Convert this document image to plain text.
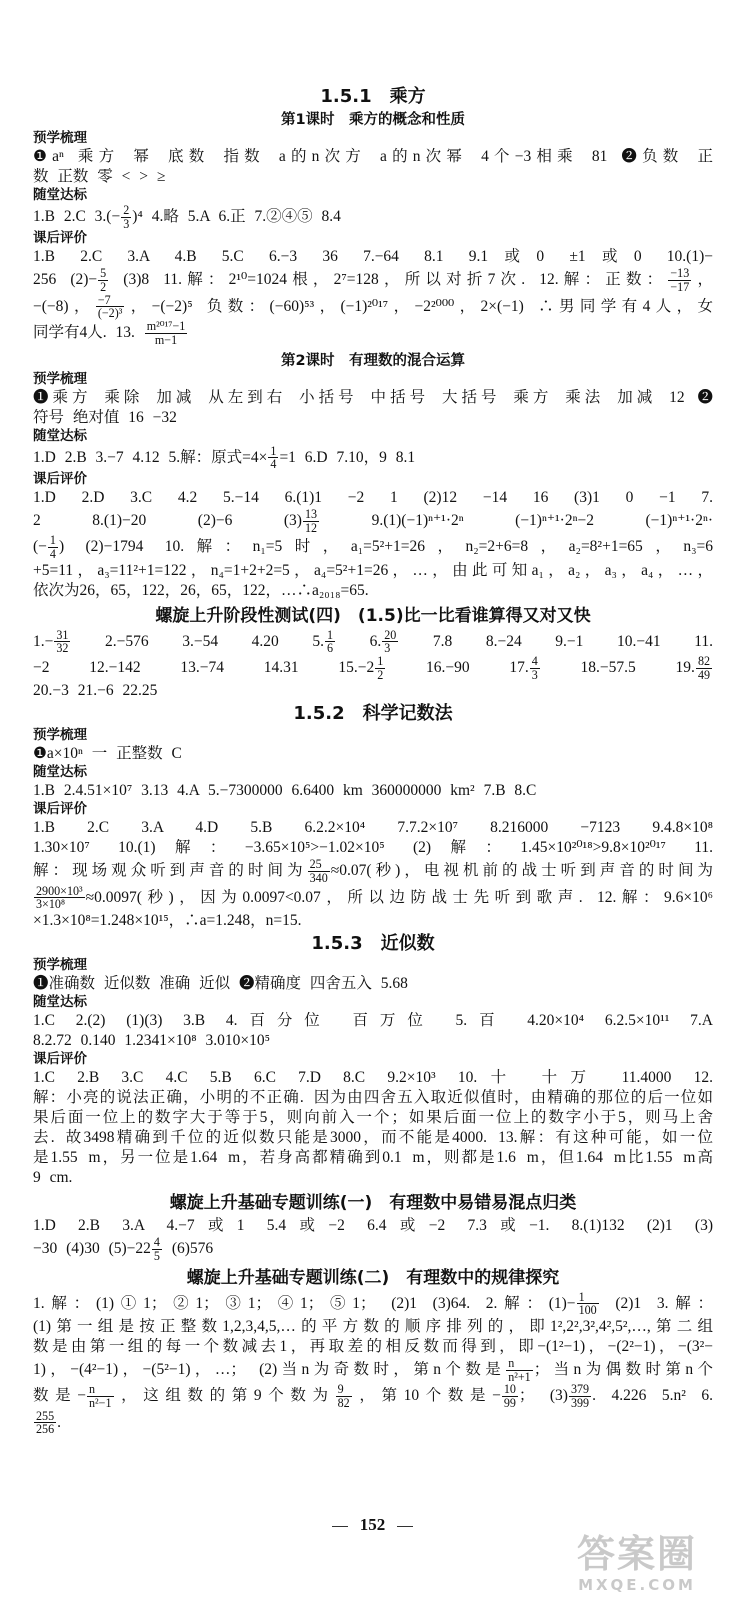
1.5.1　乘方
第1课时　乘方的概念和性质
预学梳理
❶aⁿ 乘方 幂 底数 指数 a的n次方 a的n次幂 4个−3相乘 81 ❷负数 正
数 正数 零 < > ≥
随堂达标
1.B 2.C $3.(- \frac{2}{3} )^4$ 4.略 5.A 6.正 7.②④⑤ 8.4
课后评价
1.B 2.C 3.A 4.B 5.C 6.−3 36 7.−64 8.1 9.1或0 ±1或0 10.(1)−
256 $(2)- \frac{5}{2} (3)8$ 11.解：2¹⁰=1024根，2⁷=128，所以对折7次. 12.解：正数： $\frac{-13}{-17}$ ，
−(−8)， $\frac{-7}{\text{(−2)³}}$ ，−(−2)⁵ 负数：(−60)⁵³，(−1)²⁰¹⁷，−2²⁰⁰⁰，2×(−1) ∴男同学有4人，女
同学有4人. 13. $\frac{\text{m²⁰¹⁷−1}}{m-1}$
第2课时　有理数的混合运算
预学梳理
❶乘方 乘除 加减 从左到右 小括号 中括号 大括号 乘方 乘法 加减 12 ❷
符号 绝对值 16 −32
随堂达标
1.D 2.B 3.−7 4.12 5.解：原式$=4\times \frac{1}{4} =1$ 6.D 7.10，9 8.1
课后评价
1.D 2.D 3.C 4.2 5.−14 6.(1)1 −2 1 (2)12 −14 16 (3)1 0 −1 7.
2 8.(1)−20 (2)−6 $(3) \frac{13}{12} 9.(1)(-1)^{n+1}\cdot 2^n$ (−1)ⁿ⁺¹·2ⁿ−2 (−1)ⁿ⁺¹·2ⁿ·
(− $\frac{1}{4}$ ) (2)−1794 10.解：n₁=5时，a₁=5²+1=26，n₂=2+6=8，a₂=8²+1=65，n₃=6
+5=11，a₃=11²+1=122，n₄=1+2+2=5，a₄=5²+1=26，…，由此可知a₁，a₂，a₃，a₄，…，
依次为26，65，122，26，65，122，…∴a₂₀₁₈=65.
螺旋上升阶段性测试(四)　(1.5)比一比看谁算得又对又快
$1.- \frac{31}{32} 2.-576$ 3.−54 4.20 5. $\frac{1}{6} 6$. $\frac{20}{3} 7.8$ 8.−24 9.−1 10.−41 11.
−2 12.−142 13.−74 14.31 $15.-2 \frac{1}{2} 16.-90$ 17. $\frac{4}{3} 18.-57.5$ 19. $\frac{82}{49}$
20.−3 21.−6 22.25
1.5.2　科学记数法
预学梳理
❶a×10ⁿ 一 正整数 C
随堂达标
1.B 2.4.51×10⁷ 3.13 4.A 5.−7300000 6.6400 km 360000000 km² 7.B 8.C
课后评价
1.B 2.C 3.A 4.D 5.B 6.2.2×10⁴ 7.7.2×10⁷ 8.216000 −7123 9.4.8×10⁸
1.30×10⁷ 10.(1)解：−3.65×10⁵>−1.02×10⁵ (2)解：1.45×10²⁰¹⁸>9.8×10²⁰¹⁷ 11.
解：现场观众听到声音的时间为 $\frac{25}{340} \approx 0.07$(秒)，电视机前的战士听到声音的时间为
$\frac{\text{2900×10³}}{\text{3×10⁸}} \approx 0.0097$(秒)，因为0.0097<0.07，所以边防战士先听到歌声. 12.解：9.6×10⁶
×1.3×10⁸=1.248×10¹⁵，∴a=1.248，n=15.
1.5.3　近似数
预学梳理
❶准确数 近似数 准确 近似 ❷精确度 四舍五入 5.68
随堂达标
1.C 2.(2) (1)(3) 3.B 4.百分位 百万位 5.百 4.20×10⁴ 6.2.5×10¹¹ 7.A
8.2.72 0.140 1.2341×10⁸ 3.010×10⁵
课后评价
1.C 2.B 3.C 4.C 5.B 6.C 7.D 8.C 9.2×10³ 10.十 十万 11.4000 12.
解：小亮的说法正确，小明的不正确. 因为由四舍五入取近似值时，由精确的那位的后一位如
果后面一位上的数字大于等于5，则向前入一个；如果后面一位上的数字小于5，则马上舍
去. 故3498精确到千位的近似数只能是3000，而不能是4000. 13.解：有这种可能，如一位
是1.55 m，另一位是1.64 m，若身高都精确到0.1 m，则都是1.6 m，但1.64 m比1.55 m高
9 cm.
螺旋上升基础专题训练(一)　有理数中易错易混点归类
1.D 2.B 3.A 4.−7或1 5.4或−2 6.4或−2 7.3或−1. 8.(1)132 (2)1 (3)
−30 (4)30 $(5)-22 \frac{4}{5} (6)576$
螺旋上升基础专题训练(二)　有理数中的规律探究
1.解：(1)①1；②1；③1；④1；⑤1； (2)1 (3)64. 2.解：$(1)- \frac{1}{100} (2)1$ 3.解：
(1)第一组是按正整数1,2,3,4,5,…的平方数的顺序排列的，即1²,2²,3²,4²,5²,…,第二组
数是由第一组的每一个数减去1，再取差的相反数而得到，即−(1²−1)，−(2²−1)，−(3²−
1)，−(4²−1)，−(5²−1)，…； (2)当n为奇数时，第n个数是 $\frac{n}{\text{n²+1}}$ ；当n为偶数时第n个
数是− $\frac{n}{\text{n²−1}}$ ，这组数的第9个数为 $\frac{9}{82}$ ，第10个数是− $\frac{10}{99}$ ； $(3) \frac{379}{399}$ . 4.226 5.n² 6.
$\frac{255}{256}$ .
152
答案圈
MXQE.COM
